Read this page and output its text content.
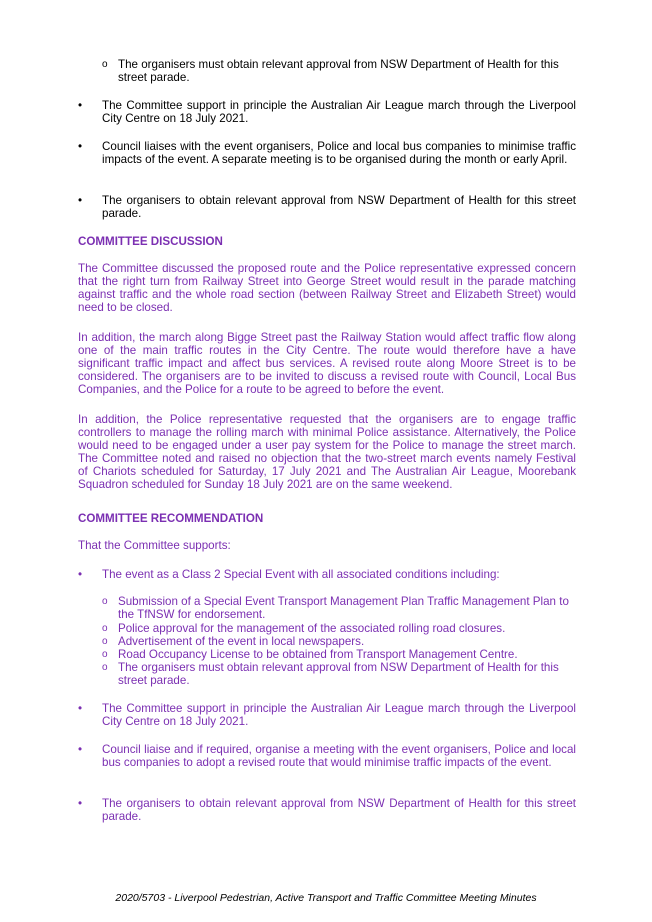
o The organisers must obtain relevant approval from NSW Department of Health for this street parade.

•	The Committee support in principle the Australian Air League march through the Liverpool City Centre on 18 July 2021.

•	Council liaises with the event organisers, Police and local bus companies to minimise traffic impacts of the event. A separate meeting is to be organised during the month or early April.

•	The organisers to obtain relevant approval from NSW Department of Health for this street parade.

COMMITTEE DISCUSSION

The Committee discussed the proposed route and the Police representative expressed concern that the right turn from Railway Street into George Street would result in the parade matching against traffic and the whole road section (between Railway Street and Elizabeth Street) would need to be closed.

In addition, the march along Bigge Street past the Railway Station would affect traffic flow along one of the main traffic routes in the City Centre. The route would therefore have a have significant traffic impact and affect bus services. A revised route along Moore Street is to be considered. The organisers are to be invited to discuss a revised route with Council, Local Bus Companies, and the Police for a route to be agreed to before the event.

In addition, the Police representative requested that the organisers are to engage traffic controllers to manage the rolling march with minimal Police assistance. Alternatively, the Police would need to be engaged under a user pay system for the Police to manage the street march. The Committee noted and raised no objection that the two-street march events namely Festival of Chariots scheduled for Saturday, 17 July 2021 and The Australian Air League, Moorebank Squadron scheduled for Sunday 18 July 2021 are on the same weekend.

COMMITTEE RECOMMENDATION

That the Committee supports:

•	The event as a Class 2 Special Event with all associated conditions including:

o Submission of a Special Event Transport Management Plan Traffic Management Plan to the TfNSW for endorsement.

o Police approval for the management of the associated rolling road closures.

o Advertisement of the event in local newspapers.

o Road Occupancy License to be obtained from Transport Management Centre.

o The organisers must obtain relevant approval from NSW Department of Health for this street parade.

•	The Committee support in principle the Australian Air League march through the Liverpool City Centre on 18 July 2021.

•	Council liaise and if required, organise a meeting with the event organisers, Police and local bus companies to adopt a revised route that would minimise traffic impacts of the event.

•	The organisers to obtain relevant approval from NSW Department of Health for this street parade.

2020/5703 - Liverpool Pedestrian, Active Transport and Traffic Committee Meeting Minutes
